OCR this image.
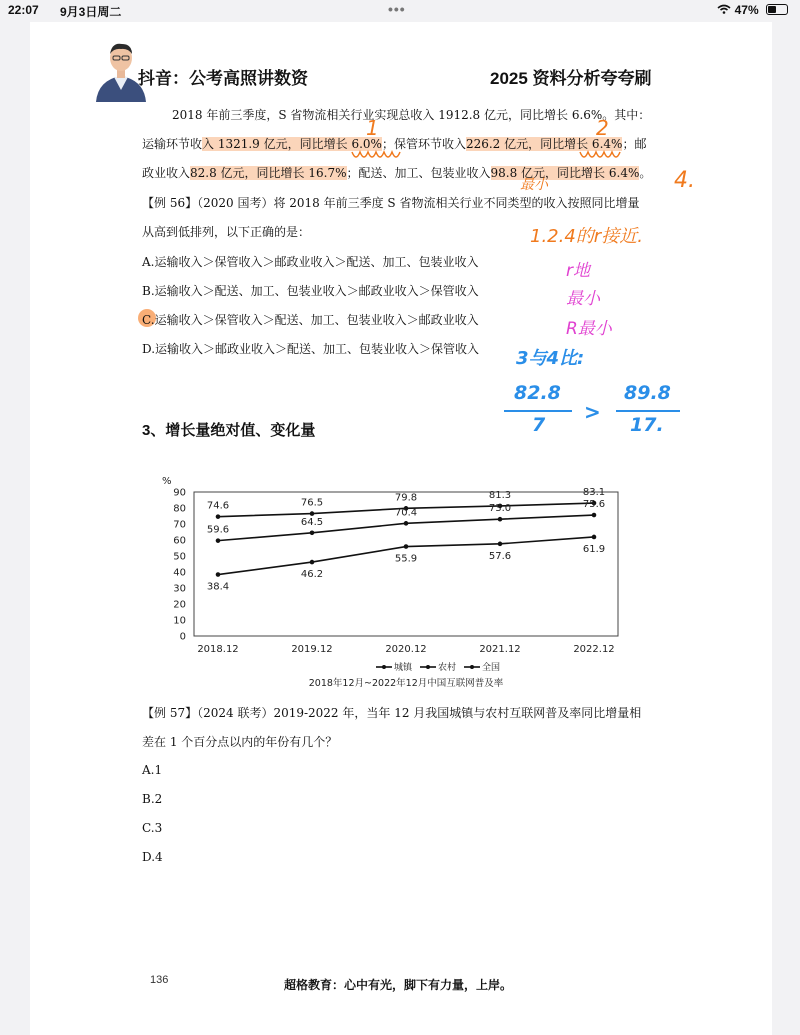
22:07 9月3日周二	•••	47%
抖音：公考高照讲数资	2025 资料分析夸夸刷
2018 年前三季度，S 省物流相关行业实现总收入 1912.8 亿元，同比增长 6.6%。其中：
运输环节收入 1321.9 亿元，同比增长 6.0%；保管环节收入226.2 亿元，同比增长 6.4%；邮
政业收入82.8 亿元，同比增长 16.7%；配送、加工、包装业收入98.8 亿元，同比增长 6.4%。
【例 56】（2020 国考）将 2018 年前三季度 S 省物流相关行业不同类型的收入按照同比增量
从高到低排列，以下正确的是：
A.运输收入＞保管收入＞邮政业收入＞配送、加工、包装业收入
B.运输收入＞配送、加工、包装业收入＞邮政业收入＞保管收入
C.运输收入＞保管收入＞配送、加工、包装业收入＞邮政业收入
D.运输收入＞邮政业收入＞配送、加工、包装业收入＞保管收入
1	2
4.
最小
1.2.4的r接近.
r地
最小
R最小
3与4比:
82.8
7
>
89.8
17.
3、增长量绝对值、变化量
%
0
10
20
30
40
50
60
70
80
90
2018.12	2019.12	2020.12	2021.12	2022.12
74.6	76.5	79.8	81.3	83.1
59.6
64.5
70.4	73.0	75.6
38.4
46.2
55.9	57.6
61.9
城镇	农村	全国
2018年12月~2022年12月中国互联网普及率
【例 57】（2024 联考）2019-2022 年，当年 12 月我国城镇与农村互联网普及率同比增量相
差在 1 个百分点以内的年份有几个？
A.1
B.2
C.3
D.4
136	超格教育：心中有光，脚下有力量，上岸。
